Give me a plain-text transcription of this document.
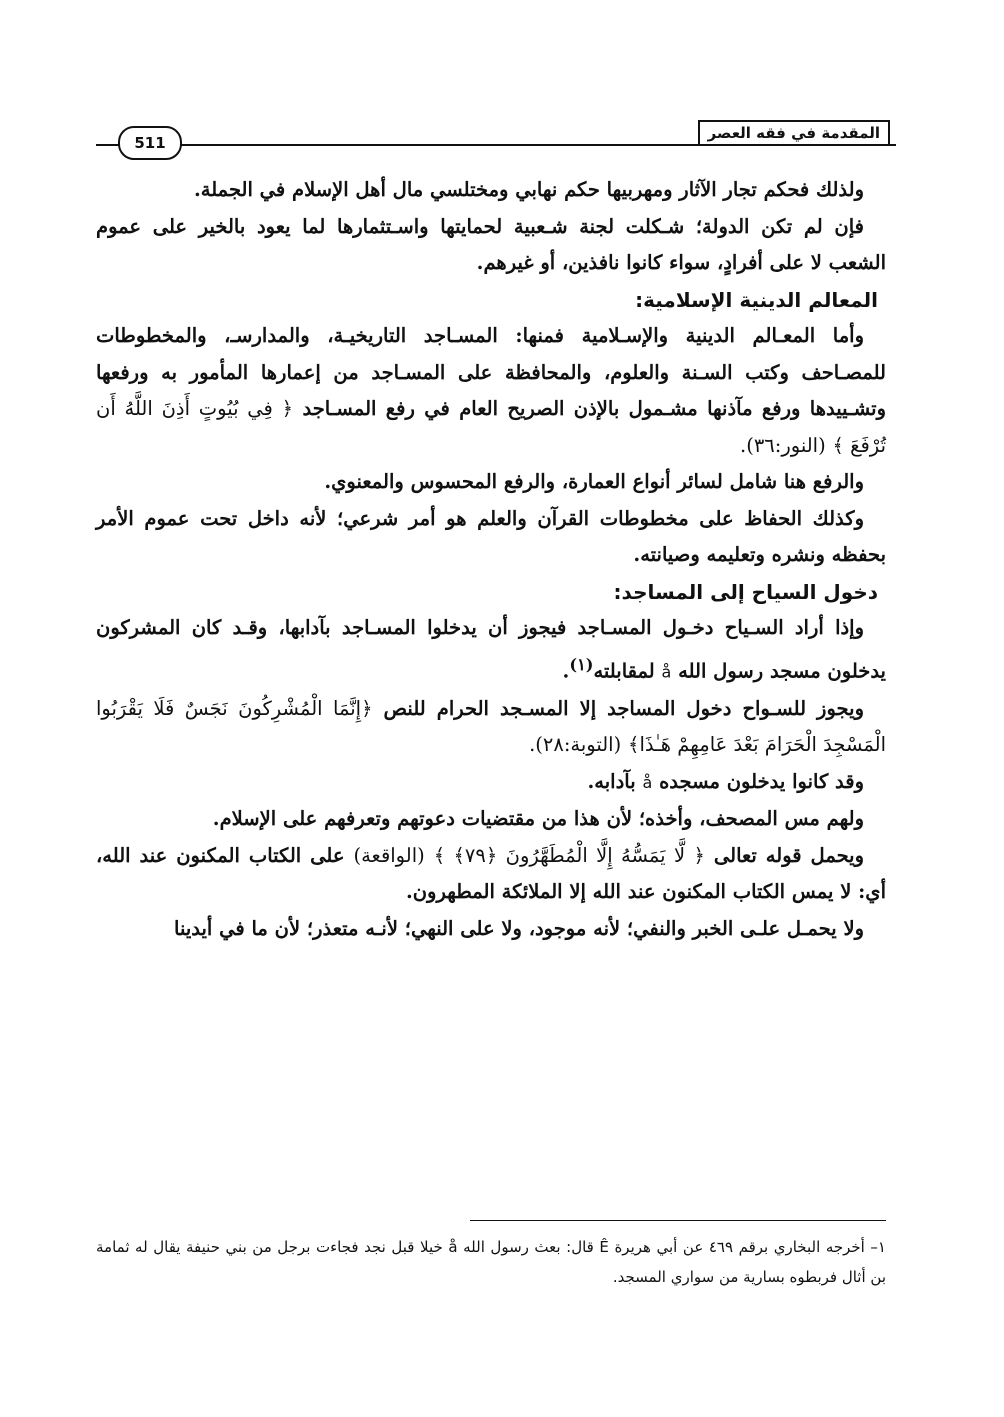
المقدمة في فقه العصر
511

ولذلك فحكم تجار الآثار ومهربيها حكم نهابي ومختلسي مال أهل الإسلام في الجملة.

فإن لم تكن الدولة؛ شـكلت لجنة شـعبية لحمايتها واسـتثمارها لما يعود بالخير على عموم الشعب لا على أفرادٍ، سواء كانوا نافذين، أو غيرهم.

المعالم الدينية الإسلامية:

وأما المعـالم الدينية والإسـلامية فمنها: المسـاجد التاريخيـة، والمدارسـ، والمخطوطات للمصـاحف وكتب السـنة والعلوم، والمحافظة على المسـاجد من إعمارها المأمور به ورفعها وتشـييدها ورفع مآذنها مشـمول بالإذن الصريح العام في رفع المسـاجد ﴿ فِي بُيُوتٍ أَذِنَ اللَّهُ أَن تُرْفَعَ ﴾ (النور:٣٦).

والرفع هنا شامل لسائر أنواع العمارة، والرفع المحسوس والمعنوي.

وكذلك الحفاظ على مخطوطات القرآن والعلم هو أمر شرعي؛ لأنه داخل تحت عموم الأمر بحفظه ونشره وتعليمه وصيانته.

دخول السياح إلى المساجد:

وإذا أراد السـياح دخـول المسـاجد فيجوز أن يدخلوا المسـاجد بآدابها، وقـد كان المشركون يدخلون مسجد رسول الله å لمقابلته$^{(١)}$.

ويجوز للسـواح دخول المساجد إلا المسـجد الحرام للنص ﴿إِنَّمَا الْمُشْرِكُونَ نَجَسٌ فَلَا يَقْرَبُوا الْمَسْجِدَ الْحَرَامَ بَعْدَ عَامِهِمْ هَـٰذَا﴾ (التوبة:٢٨).

وقد كانوا يدخلون مسجده å بآدابه.

ولهم مس المصحف، وأخذه؛ لأن هذا من مقتضيات دعوتهم وتعرفهم على الإسلام.

ويحمل قوله تعالى ﴿ لَّا يَمَسُّهُ إِلَّا الْمُطَهَّرُونَ ﴿٧٩﴾ ﴾ (الواقعة) على الكتاب المكنون عند الله، أي: لا يمس الكتاب المكنون عند الله إلا الملائكة المطهرون.

ولا يحمـل علـى الخبر والنفي؛ لأنه موجود، ولا على النهي؛ لأنـه متعذر؛ لأن ما في أيدينا

١– أخرجه البخاري برقم ٤٦٩ عن أبي هريرة Ê قال: بعث رسول الله å خيلا قبل نجد فجاءت برجل من بني حنيفة يقال له ثمامة بن أثال فربطوه بسارية من سواري المسجد.
